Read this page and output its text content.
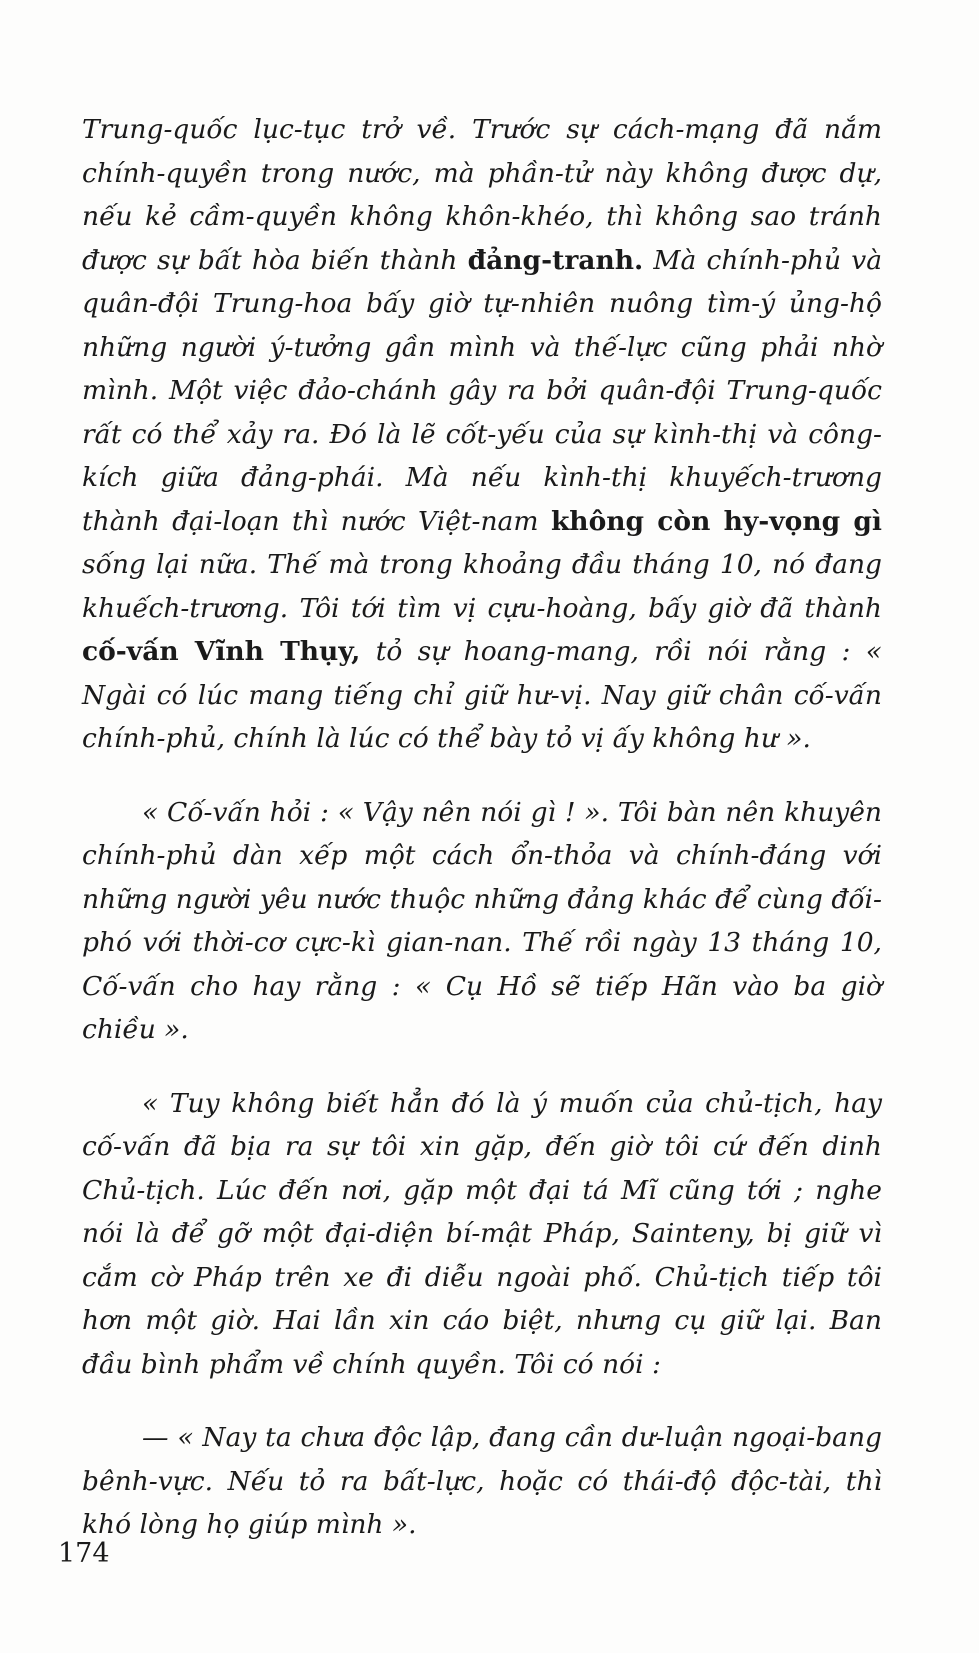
Trung-quốc lục-tục trở về. Trước sự cách-mạng đã nắm chính-quyền trong nước, mà phần-tử này không được dự, nếu kẻ cầm-quyền không khôn-khéo, thì không sao tránh được sự bất hòa biến thành đảng-tranh. Mà chính-phủ và quân-đội Trung-hoa bấy giờ tự-nhiên nuông tìm-ý ủng-hộ những người ý-tưởng gần mình và thế-lực cũng phải nhờ mình. Một việc đảo-chánh gây ra bởi quân-đội Trung-quốc rất có thể xảy ra. Đó là lẽ cốt-yếu của sự kình-thị và công-kích giữa đảng-phái. Mà nếu kình-thị khuyếch-trương thành đại-loạn thì nước Việt-nam không còn hy-vọng gì sống lại nữa. Thế mà trong khoảng đầu tháng 10, nó đang khuếch-trương. Tôi tới tìm vị cựu-hoàng, bấy giờ đã thành cố-vấn Vĩnh Thụy, tỏ sự hoang-mang, rồi nói rằng : « Ngài có lúc mang tiếng chỉ giữ hư-vị. Nay giữ chân cố-vấn chính-phủ, chính là lúc có thể bày tỏ vị ấy không hư ».

« Cố-vấn hỏi : « Vậy nên nói gì ! ». Tôi bàn nên khuyên chính-phủ dàn xếp một cách ổn-thỏa và chính-đáng với những người yêu nước thuộc những đảng khác để cùng đối-phó với thời-cơ cực-kì gian-nan. Thế rồi ngày 13 tháng 10, Cố-vấn cho hay rằng : « Cụ Hồ sẽ tiếp Hãn vào ba giờ chiều ».

« Tuy không biết hẳn đó là ý muốn của chủ-tịch, hay cố-vấn đã bịa ra sự tôi xin gặp, đến giờ tôi cứ đến dinh Chủ-tịch. Lúc đến nơi, gặp một đại tá Mĩ cũng tới ; nghe nói là để gỡ một đại-diện bí-mật Pháp, Sainteny, bị giữ vì cắm cờ Pháp trên xe đi diễu ngoài phố. Chủ-tịch tiếp tôi hơn một giờ. Hai lần xin cáo biệt, nhưng cụ giữ lại. Ban đầu bình phẩm về chính quyền. Tôi có nói :

— « Nay ta chưa độc lập, đang cần dư-luận ngoại-bang bênh-vực. Nếu tỏ ra bất-lực, hoặc có thái-độ độc-tài, thì khó lòng họ giúp mình ».

174
